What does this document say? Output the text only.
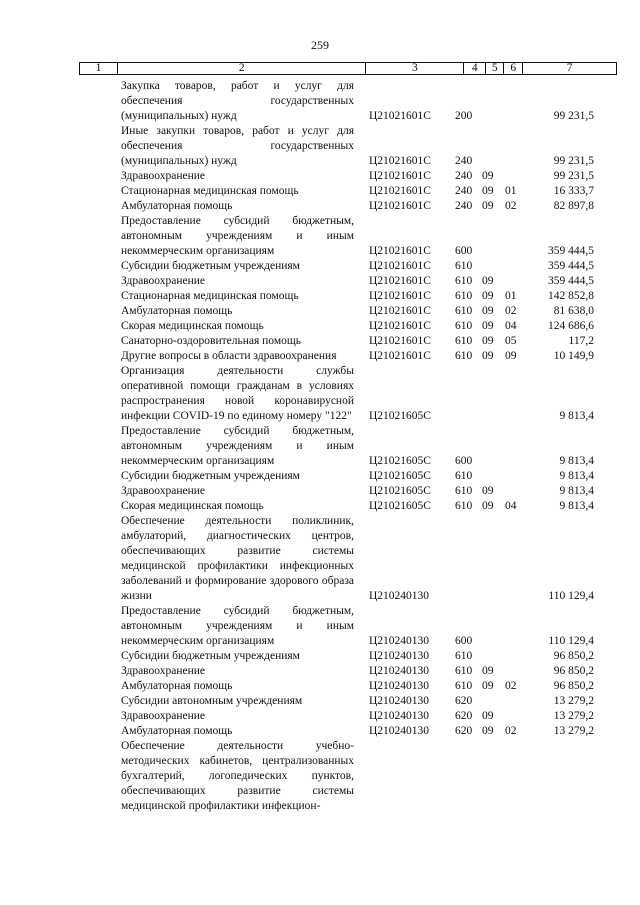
259
1	2	3	4	5	6	7
Закупка товаров, работ и услуг для обеспечения государственных (муниципальных) нужд	Ц21021601С 200	99 231,5
Иные закупки товаров, работ и услуг для обеспечения государственных (муниципальных) нужд	Ц21021601С 240	99 231,5
Здравоохранение	Ц21021601С 240 09	99 231,5
Стационарная медицинская помощь	Ц21021601С 240 09 01	16 333,7
Амбулаторная помощь	Ц21021601С 240 09 02	82 897,8
Предоставление субсидий бюджетным, автономным учреждениям и иным некоммерческим организациям	Ц21021601С 600	359 444,5
Субсидии бюджетным учреждениям	Ц21021601С 610	359 444,5
Здравоохранение	Ц21021601С 610 09	359 444,5
Стационарная медицинская помощь	Ц21021601С 610 09 01	142 852,8
Амбулаторная помощь	Ц21021601С 610 09 02	81 638,0
Скорая медицинская помощь	Ц21021601С 610 09 04	124 686,6
Санаторно-оздоровительная помощь	Ц21021601С 610 09 05	117,2
Другие вопросы в области здравоохранения	Ц21021601С 610 09 09	10 149,9
Организация деятельности службы оперативной помощи гражданам в условиях распространения новой коронавирусной инфекции COVID-19 по единому номеру "122" Ц21021605С	9 813,4
Предоставление субсидий бюджетным, автономным учреждениям и иным некоммерческим организациям	Ц21021605С 600	9 813,4
Субсидии бюджетным учреждениям	Ц21021605С 610	9 813,4
Здравоохранение	Ц21021605С 610 09	9 813,4
Скорая медицинская помощь	Ц21021605С 610 09 04	9 813,4
Обеспечение деятельности поликлиник, амбулаторий, диагностических центров, обеспечивающих развитие системы медицинской профилактики инфекционных заболеваний и формирование здорового образа жизни	Ц210240130	110 129,4
Предоставление субсидий бюджетным, автономным учреждениям и иным некоммерческим организациям	Ц210240130 600	110 129,4
Субсидии бюджетным учреждениям	Ц210240130 610	96 850,2
Здравоохранение	Ц210240130 610 09	96 850,2
Амбулаторная помощь	Ц210240130 610 09 02	96 850,2
Субсидии автономным учреждениям	Ц210240130 620	13 279,2
Здравоохранение	Ц210240130 620 09	13 279,2
Амбулаторная помощь	Ц210240130 620 09 02	13 279,2
Обеспечение деятельности учебно-методических кабинетов, централизованных бухгалтерий, логопедических пунктов, обеспечивающих развитие системы медицинской профилактики инфекцион-
